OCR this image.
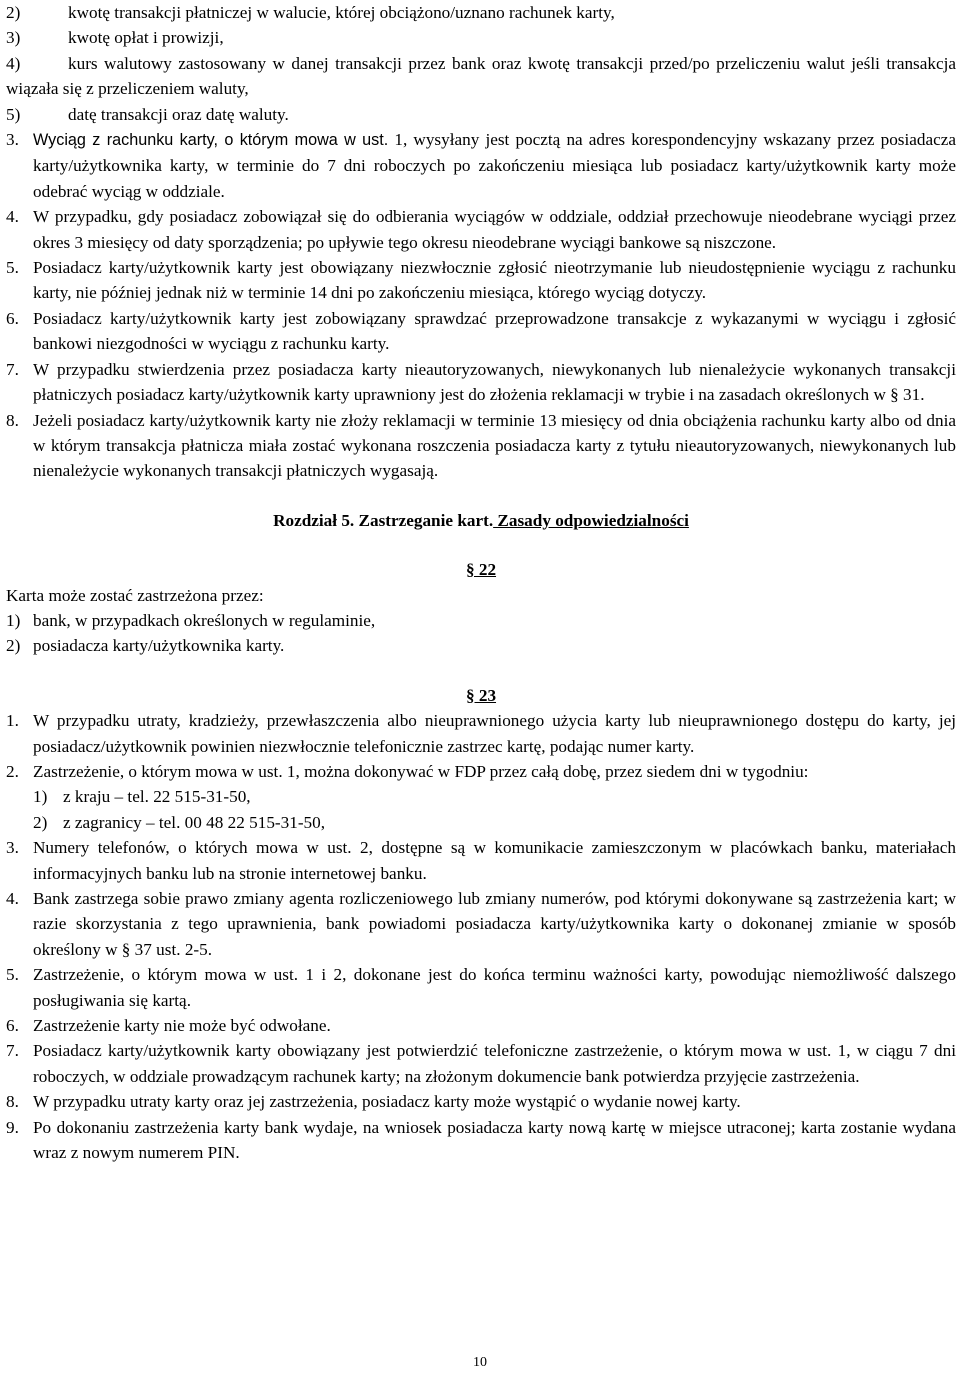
2)	kwotę transakcji płatniczej w walucie, której obciążono/uznano rachunek karty,

3)	kwotę opłat i prowizji,

4)	kurs walutowy zastosowany w danej transakcji przez bank oraz kwotę transakcji przed/po przeliczeniu walut jeśli transakcja wiązała się z przeliczeniem waluty,

5)	datę transakcji oraz datę waluty.

3. Wyciąg z rachunku karty, o którym mowa w ust. 1, wysyłany jest pocztą na adres korespondencyjny wskazany przez posiadacza karty/użytkownika karty, w terminie do 7 dni roboczych po zakończeniu miesiąca lub posiadacz karty/użytkownik karty może odebrać wyciąg w oddziale.

4. W przypadku, gdy posiadacz zobowiązał się do odbierania wyciągów w oddziale, oddział przechowuje nieodebrane wyciągi przez okres 3 miesięcy od daty sporządzenia; po upływie tego okresu nieodebrane wyciągi bankowe są niszczone.

5. Posiadacz karty/użytkownik karty jest obowiązany niezwłocznie zgłosić nieotrzymanie lub nieudostępnienie wyciągu z rachunku karty, nie później jednak niż w terminie 14 dni po zakończeniu miesiąca, którego wyciąg dotyczy.

6. Posiadacz karty/użytkownik karty jest zobowiązany sprawdzać przeprowadzone transakcje z wykazanymi w wyciągu i zgłosić bankowi niezgodności w wyciągu z rachunku karty.

7. W przypadku stwierdzenia przez posiadacza karty nieautoryzowanych, niewykonanych lub nienależycie wykonanych transakcji płatniczych posiadacz karty/użytkownik karty uprawniony jest do złożenia reklamacji w trybie i na zasadach określonych w § 31.

8. Jeżeli posiadacz karty/użytkownik karty nie złoży reklamacji w terminie 13 miesięcy od dnia obciążenia rachunku karty albo od dnia w którym transakcja płatnicza miała zostać wykonana roszczenia posiadacza karty z tytułu nieautoryzowanych, niewykonanych lub nienależycie wykonanych transakcji płatniczych wygasają.

Rozdział 5. Zastrzeganie kart. Zasady odpowiedzialności

§ 22

Karta może zostać zastrzeżona przez:

1) bank, w przypadkach określonych w regulaminie,

2) posiadacza karty/użytkownika karty.

§ 23

1. W przypadku utraty, kradzieży, przewłaszczenia albo nieuprawnionego użycia karty lub nieuprawnionego dostępu do karty, jej posiadacz/użytkownik powinien niezwłocznie telefonicznie zastrzec kartę, podając numer karty.

2. Zastrzeżenie, o którym mowa w ust. 1, można dokonywać w FDP przez całą dobę, przez siedem dni w tygodniu:

1) z kraju – tel. 22 515-31-50,

2) z zagranicy – tel. 00 48 22 515-31-50,

3. Numery telefonów, o których mowa w ust. 2, dostępne są w komunikacie zamieszczonym w placówkach banku, materiałach informacyjnych banku lub na stronie internetowej banku.

4. Bank zastrzega sobie prawo zmiany agenta rozliczeniowego lub zmiany numerów, pod którymi dokonywane są zastrzeżenia kart; w razie skorzystania z tego uprawnienia, bank powiadomi posiadacza karty/użytkownika karty o dokonanej zmianie w sposób określony w § 37 ust. 2-5.

5. Zastrzeżenie, o którym mowa w ust. 1 i 2, dokonane jest do końca terminu ważności karty, powodując niemożliwość dalszego posługiwania się kartą.

6. Zastrzeżenie karty nie może być odwołane.

7. Posiadacz karty/użytkownik karty obowiązany jest potwierdzić telefoniczne zastrzeżenie, o którym mowa w ust. 1, w ciągu 7 dni roboczych, w oddziale prowadzącym rachunek karty; na złożonym dokumencie bank potwierdza przyjęcie zastrzeżenia.

8. W przypadku utraty karty oraz jej zastrzeżenia, posiadacz karty może wystąpić o wydanie nowej karty.

9. Po dokonaniu zastrzeżenia karty bank wydaje, na wniosek posiadacza karty nową kartę w miejsce utraconej; karta zostanie wydana wraz z nowym numerem PIN.

10
